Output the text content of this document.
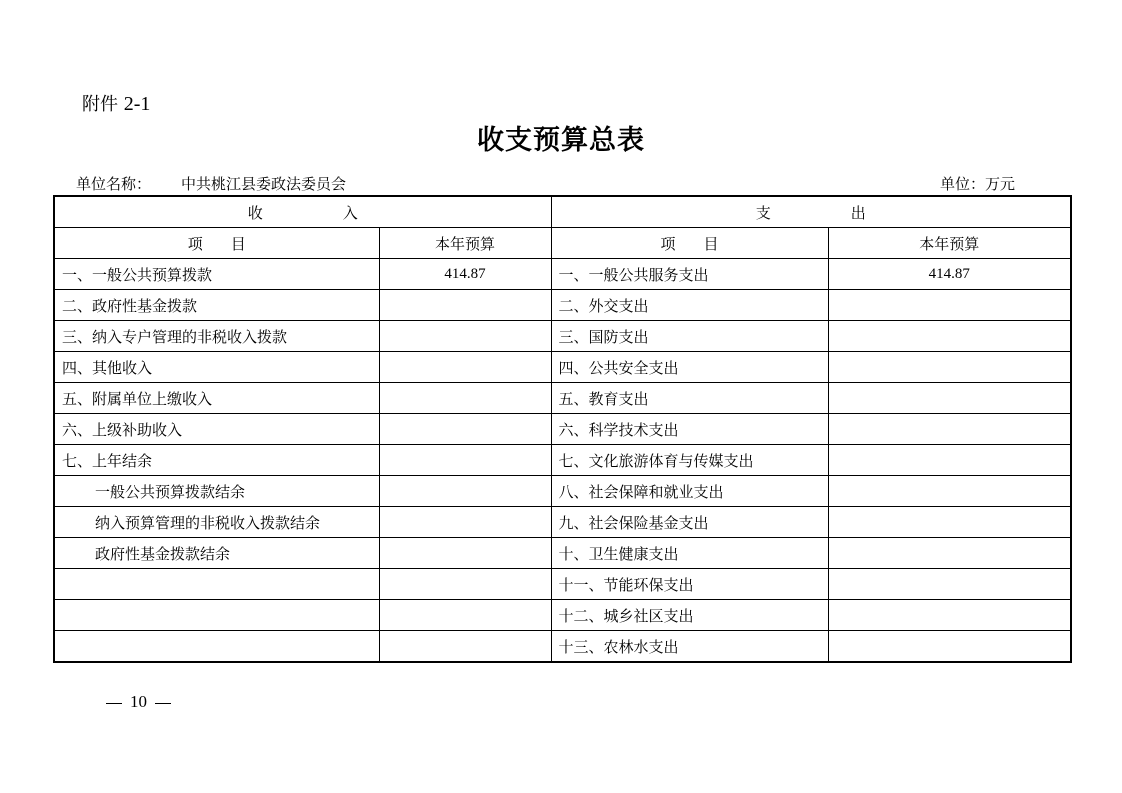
附件 2-1
收支预算总表
单位名称： 中共桃江县委政法委员会	单位：万元
收 入		支 出	
项 目	本年预算	项 目	本年预算
一、一般公共预算拨款	414.87	一、一般公共服务支出	414.87
二、政府性基金拨款		二、外交支出	
三、纳入专户管理的非税收入拨款		三、国防支出	
四、其他收入		四、公共安全支出	
五、附属单位上缴收入		五、教育支出	
六、上级补助收入		六、科学技术支出	
七、上年结余		七、文化旅游体育与传媒支出	
一般公共预算拨款结余		八、社会保障和就业支出	
纳入预算管理的非税收入拨款结余		九、社会保险基金支出	
政府性基金拨款结余		十、卫生健康支出	
		十一、节能环保支出	
		十二、城乡社区支出	
		十三、农林水支出	
10
